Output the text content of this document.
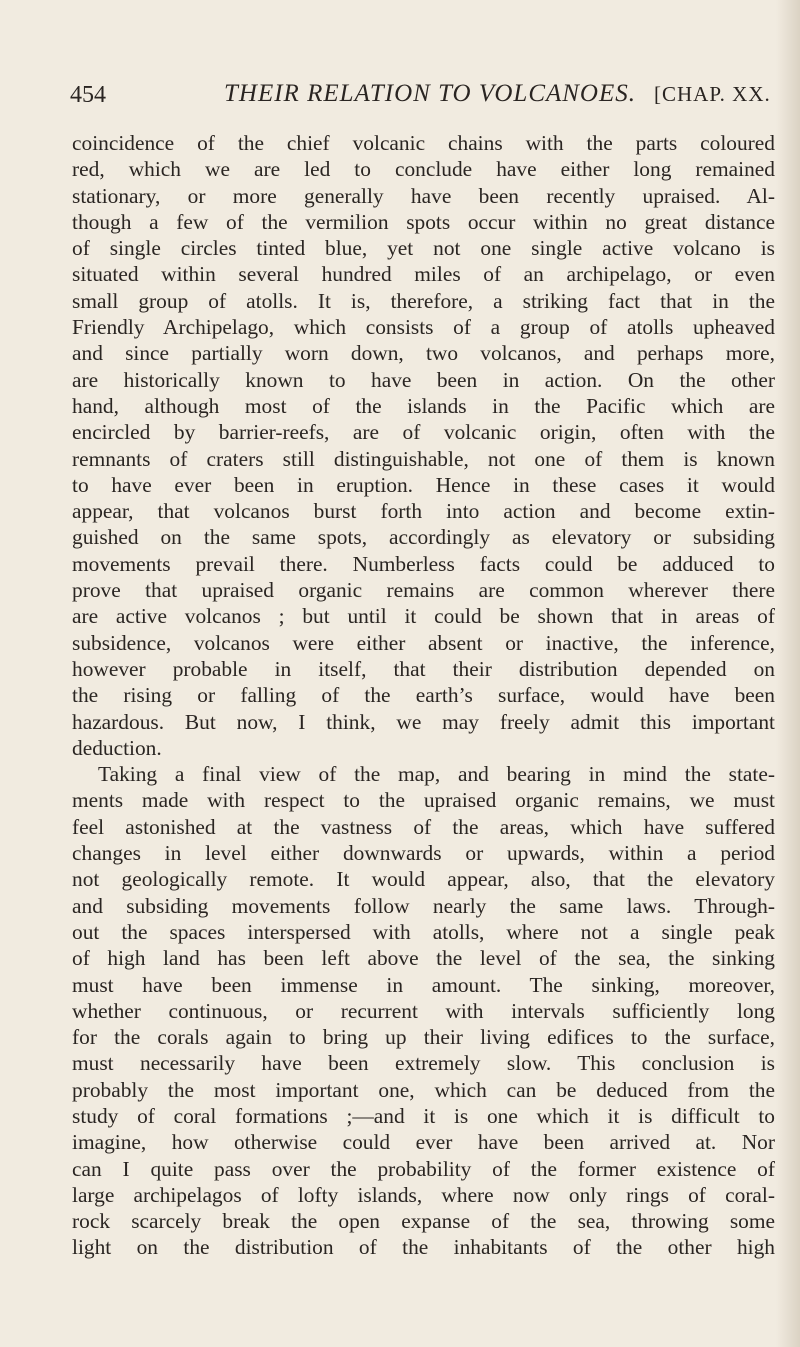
454	THEIR RELATION TO VOLCANOES. [CHAP. XX.
coincidence of the chief volcanic chains with the parts coloured
red, which we are led to conclude have either long remained
stationary, or more generally have been recently upraised. Al-
though a few of the vermilion spots occur within no great distance
of single circles tinted blue, yet not one single active volcano is
situated within several hundred miles of an archipelago, or even
small group of atolls. It is, therefore, a striking fact that in the
Friendly Archipelago, which consists of a group of atolls upheaved
and since partially worn down, two volcanos, and perhaps more,
are historically known to have been in action. On the other
hand, although most of the islands in the Pacific which are
encircled by barrier-reefs, are of volcanic origin, often with the
remnants of craters still distinguishable, not one of them is known
to have ever been in eruption. Hence in these cases it would
appear, that volcanos burst forth into action and become extin-
guished on the same spots, accordingly as elevatory or subsiding
movements prevail there. Numberless facts could be adduced to
prove that upraised organic remains are common wherever there
are active volcanos ; but until it could be shown that in areas of
subsidence, volcanos were either absent or inactive, the inference,
however probable in itself, that their distribution depended on
the rising or falling of the earth’s surface, would have been
hazardous. But now, I think, we may freely admit this important
deduction.
Taking a final view of the map, and bearing in mind the state-
ments made with respect to the upraised organic remains, we must
feel astonished at the vastness of the areas, which have suffered
changes in level either downwards or upwards, within a period
not geologically remote. It would appear, also, that the elevatory
and subsiding movements follow nearly the same laws. Through-
out the spaces interspersed with atolls, where not a single peak
of high land has been left above the level of the sea, the sinking
must have been immense in amount. The sinking, moreover,
whether continuous, or recurrent with intervals sufficiently long
for the corals again to bring up their living edifices to the surface,
must necessarily have been extremely slow. This conclusion is
probably the most important one, which can be deduced from the
study of coral formations ;—and it is one which it is difficult to
imagine, how otherwise could ever have been arrived at. Nor
can I quite pass over the probability of the former existence of
large archipelagos of lofty islands, where now only rings of coral-
rock scarcely break the open expanse of the sea, throwing some
light on the distribution of the inhabitants of the other high
